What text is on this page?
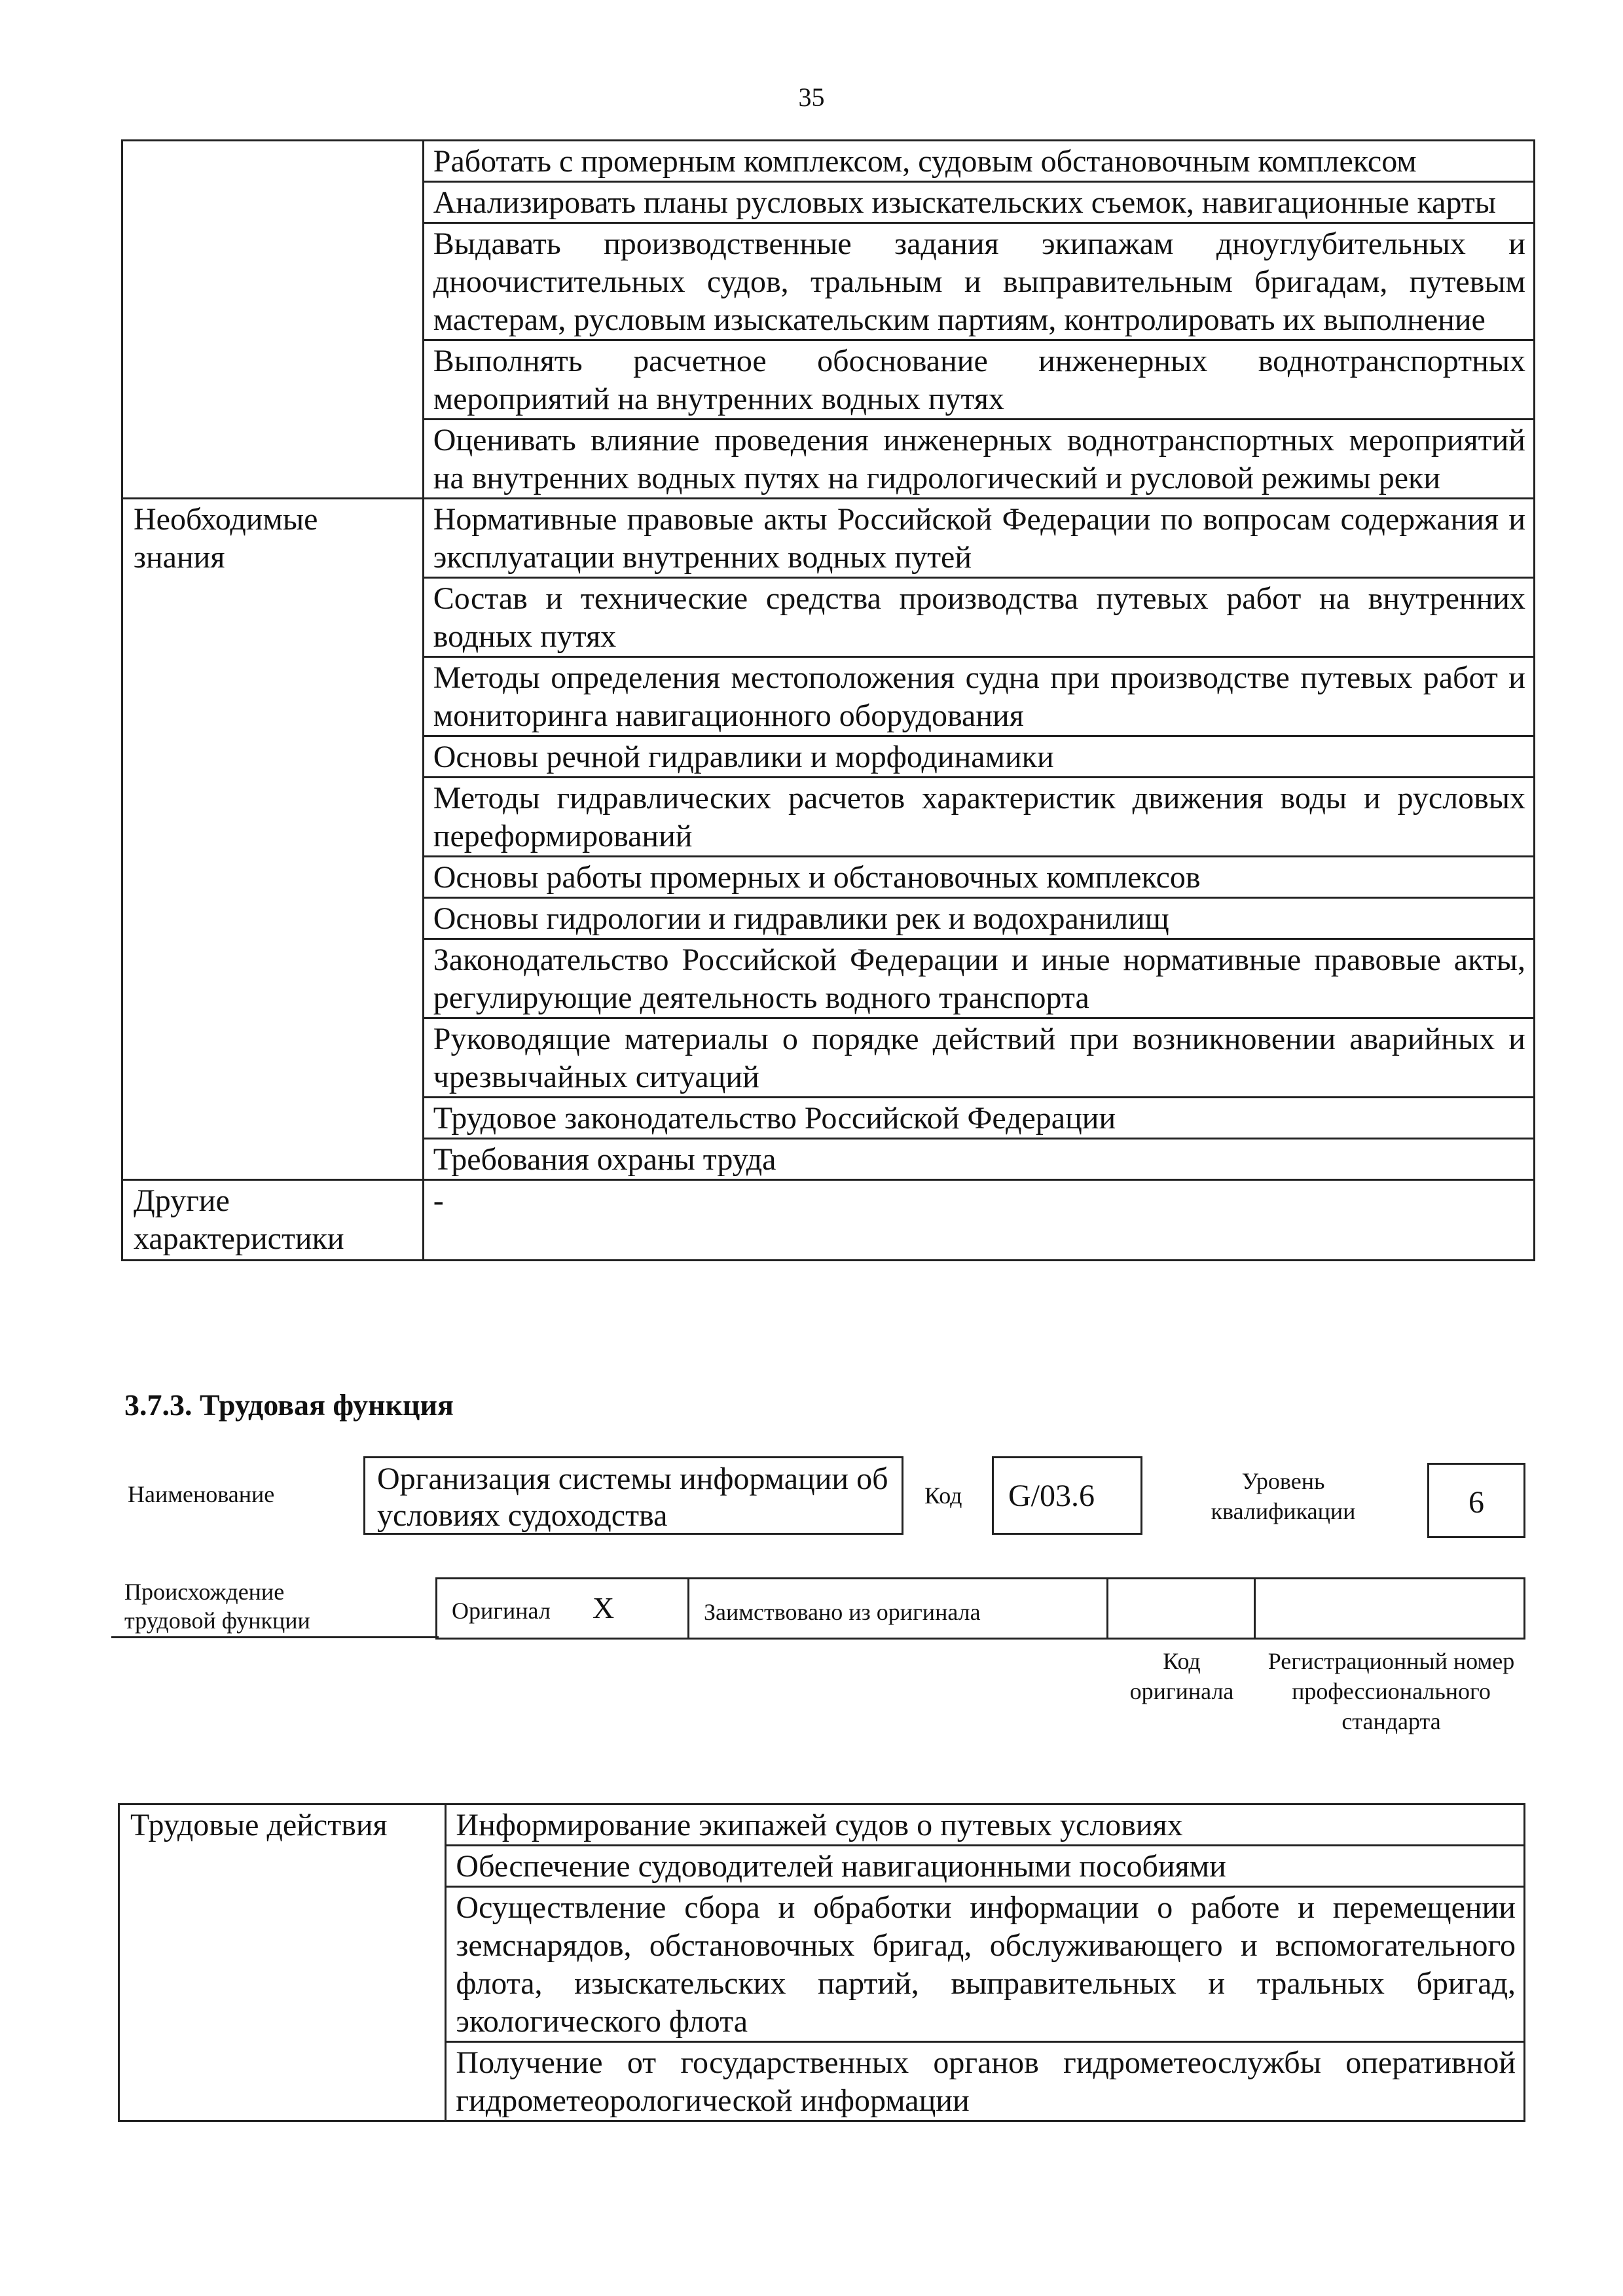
35
	Работать с промерным комплексом, судовым обстановочным комплексом
	Анализировать планы русловых изыскательских съемок, навигационные карты
	Выдавать производственные задания экипажам дноуглубительных и дноочистительных судов, тральным и выправительным бригадам, путевым мастерам, русловым изыскательским партиям, контролировать их выполнение
	Выполнять расчетное обоснование инженерных воднотранспортных мероприятий на внутренних водных путях
	Оценивать влияние проведения инженерных воднотранспортных мероприятий на внутренних водных путях на гидрологический и русловой режимы реки
Необходимые знания	Нормативные правовые акты Российской Федерации по вопросам содержания и эксплуатации внутренних водных путей
	Состав и технические средства производства путевых работ на внутренних водных путях
	Методы определения местоположения судна при производстве путевых работ и мониторинга навигационного оборудования
	Основы речной гидравлики и морфодинамики
	Методы гидравлических расчетов характеристик движения воды и русловых переформирований
	Основы работы промерных и обстановочных комплексов
	Основы гидрологии и гидравлики рек и водохранилищ
	Законодательство Российской Федерации и иные нормативные правовые акты, регулирующие деятельность водного транспорта
	Руководящие материалы о порядке действий при возникновении аварийных и чрезвычайных ситуаций
	Трудовое законодательство Российской Федерации
	Требования охраны труда
Другие характеристики	-
3.7.3. Трудовая функция
Наименование	Организация системы информации об условиях судоходства
Код G/03.6	Уровень квалификации	6
Происхождение трудовой функции	Оригинал X	Заимствовано из оригинала
Код оригинала
Регистрационный номер профессионального стандарта
Трудовые действия	Информирование экипажей судов о путевых условиях
Обеспечение судоводителей навигационными пособиями
Осуществление сбора и обработки информации о работе и перемещении земснарядов, обстановочных бригад, обслуживающего и вспомогательного флота, изыскательских партий, выправительных и тральных бригад, экологического флота
Получение от государственных органов гидрометеослужбы оперативной гидрометеорологической информации
